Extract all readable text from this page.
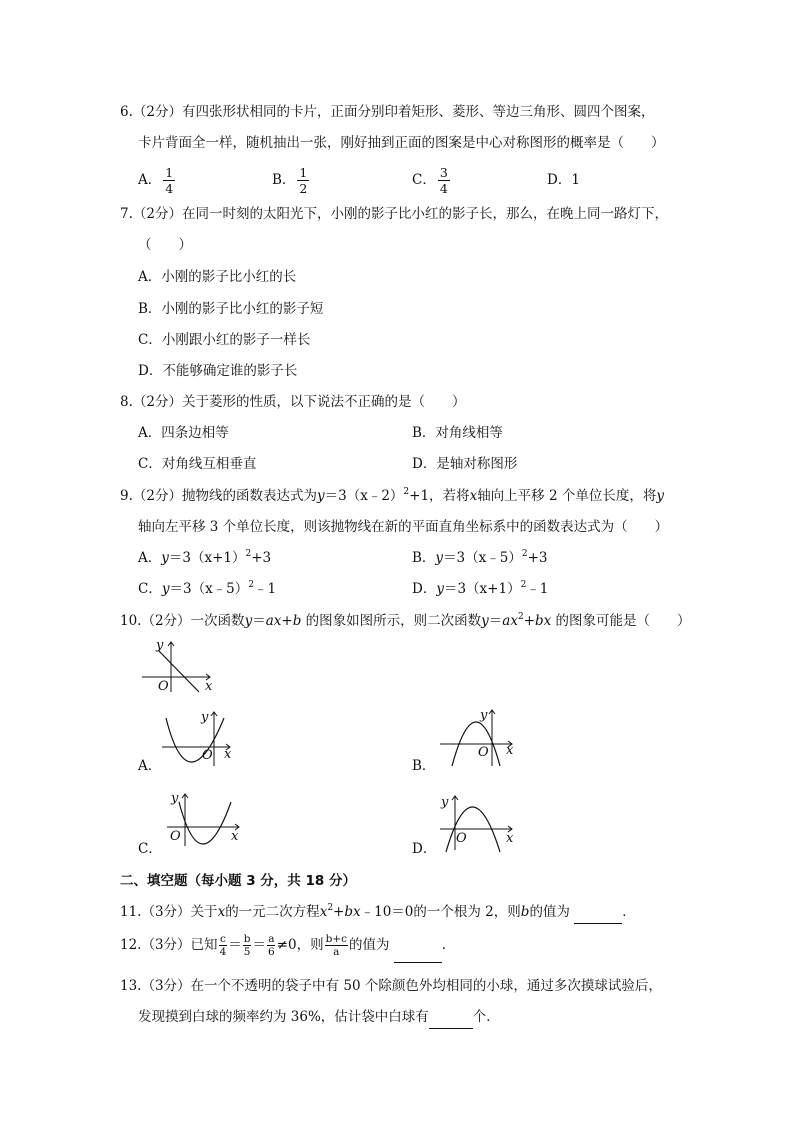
6.（2分）有四张形状相同的卡片，正面分别印着矩形、菱形、等边三角形、圆四个图案，
卡片背面全一样，随机抽出一张，刚好抽到正面的图案是中心对称图形的概率是（　　）
A． $\frac{1}{4}$	B． $\frac{1}{2}$	C． $\frac{3}{4}$	D．1
7.（2分）在同一时刻的太阳光下，小刚的影子比小红的影子长，那么，在晚上同一路灯下，
（　　）
A．小刚的影子比小红的长
B．小刚的影子比小红的影子短
C．小刚跟小红的影子一样长
D．不能够确定谁的影子长
8.（2分）关于菱形的性质，以下说法不正确的是（　　）
A．四条边相等	B．对角线相等
C．对角线互相垂直	D．是轴对称图形
9.（2分）抛物线的函数表达式为y＝3（x﹣2）$^2$+1，若将x轴向上平移 2 个单位长度，将y
轴向左平移 3 个单位长度，则该抛物线在新的平面直角坐标系中的函数表达式为（　　）
A．$y=3(x+1)^2+3$	B．y＝3（x﹣5）$^2$+3
C．y＝3（x﹣5）$^2$﹣1	D．$y=3(x+1)^2﹣1$
10.（2分）一次函数y＝ax+b 的图象如图所示，则二次函数$y=ax^2+bx$ 的图象可能是（　　）
x
y
O
A．
x
y
O
B．
x
y
O
C．
x
y
O
D．
x
y
O
二、填空题（每小题 3 分，共 18 分）
11.（3分）关于x的一元二次方程$x^2+bx﹣10=0$的一个根为 2，则b的值为	．
12.（3分）已知 $\frac{c}{4} = \frac{b}{5} = \frac{a}{6} \ne 0$，则 $\frac{b+c}{a}$ 的值为	．
13.（3分）在一个不透明的袋子中有 50 个除颜色外均相同的小球，通过多次摸球试验后，
发现摸到白球的频率约为 36%，估计袋中白球有	个．
